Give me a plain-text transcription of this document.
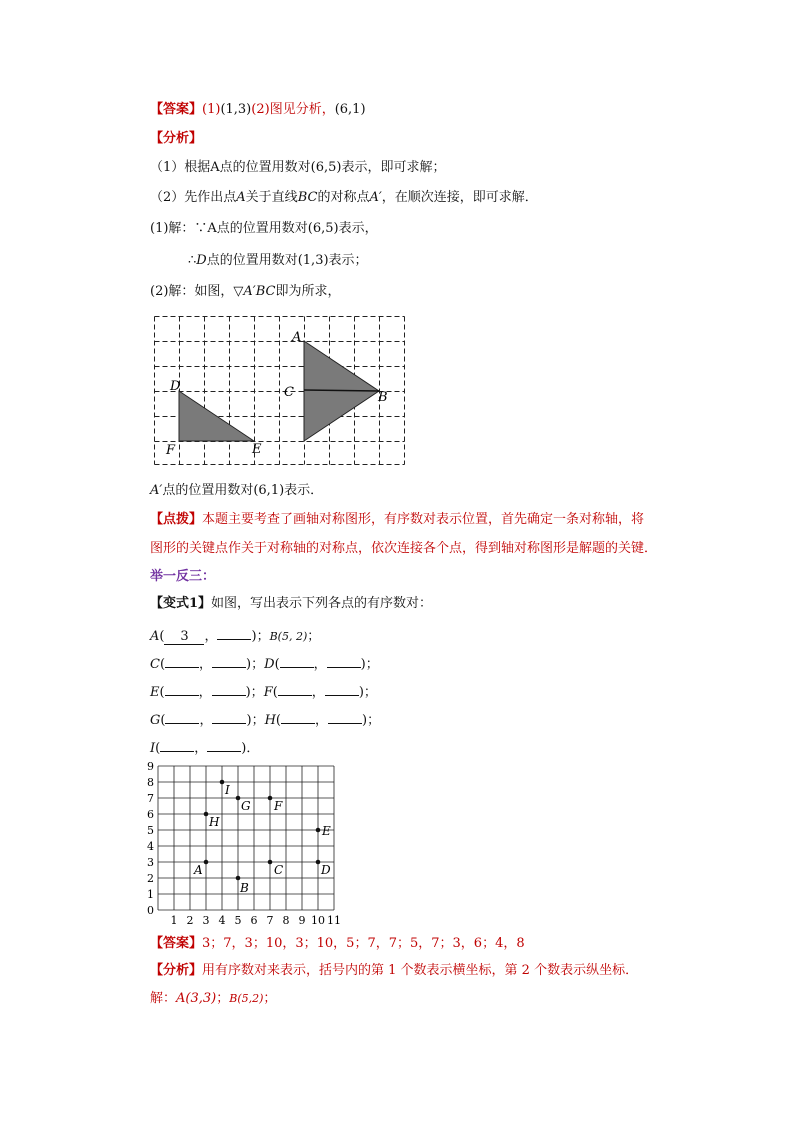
【答案】(1)(1,3)(2)图见分析，(6,1)
【分析】
（1）根据A点的位置用数对(6,5)表示，即可求解；
（2）先作出点A关于直线BC的对称点A′，在顺次连接，即可求解．
(1)解：∵A点的位置用数对(6,5)表示，
∴D点的位置用数对(1,3)表示；
(2)解：如图，▽A′BC即为所求，
A
B
C
D
E
F
A′点的位置用数对(6,1)表示．
【点拨】本题主要考查了画轴对称图形，有序数对表示位置，首先确定一条对称轴，将
图形的关键点作关于对称轴的对称点，依次连接各个点，得到轴对称图形是解题的关键．
举一反三：
【变式1】如图，写出表示下列各点的有序数对：
A( 3 ，	)；B(5, 2)；
C(	，	)；D(	，	)；
E(	，	)；F(	，	)；
G(	，	)；H(	，	)；
I(	，	)．
1 2 3 4 5 6 7 8 9 10 11
0
1
2
3
4
5
6
7
8
9
A
B
C	D
E
F
G
H
I
【答案】3；7，3；10，3；10，5；7，7；5，7；3，6；4，8
【分析】用有序数对来表示，括号内的第 1 个数表示横坐标，第 2 个数表示纵坐标．
解：A(3,3)；B(5,2)；
